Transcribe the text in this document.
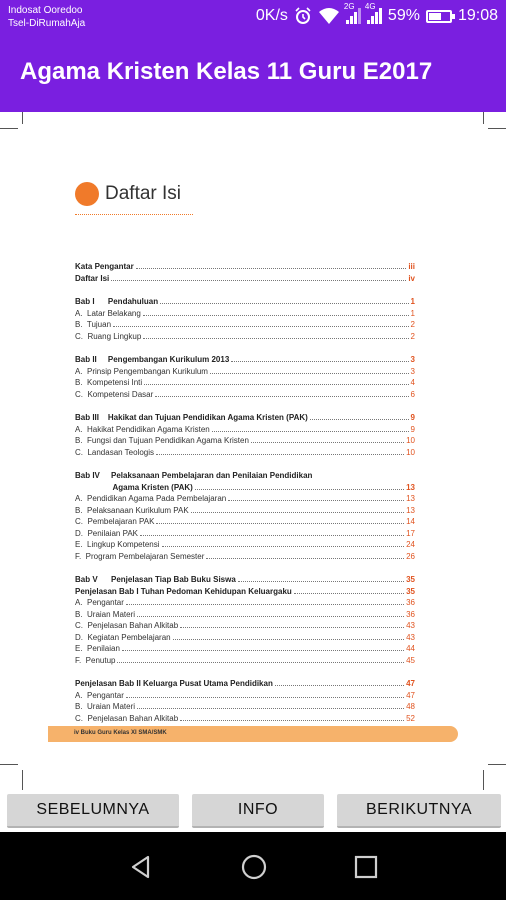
Indosat Ooredoo
Tsel-DiRumahAja	0K/s
2G 4G
59% 19:08
Agama Kristen Kelas 11 Guru E2017
Daftar Isi
Kata Pengantar	iii
Daftar Isi	iv
Bab I      Pendahuluan	1
A.  Latar Belakang	1
B.  Tujuan	2
C.  Ruang Lingkup	2
Bab II     Pengembangan Kurikulum 2013	3
A.  Prinsip Pengembangan Kurikulum	3
B.  Kompetensi Inti	4
C.  Kompetensi Dasar	6
Bab III    Hakikat dan Tujuan Pendidikan Agama Kristen (PAK)	9
A.  Hakikat Pendidikan Agama Kristen	9
B.  Fungsi dan Tujuan Pendidikan Agama Kristen	10
C.  Landasan Teologis	10
Bab IV     Pelaksanaan Pembelajaran dan Penilaian Pendidikan
Agama Kristen (PAK)	13
A.  Pendidikan Agama Pada Pembelajaran	13
B.  Pelaksanaan Kurikulum PAK	13
C.  Pembelajaran PAK	14
D.  Penilaian PAK	17
E.  Lingkup Kompetensi	24
F.  Program Pembelajaran Semester	26
Bab V      Penjelasan Tiap Bab Buku Siswa	35
Penjelasan Bab I Tuhan Pedoman Kehidupan Keluargaku	35
A.  Pengantar	36
B.  Uraian Materi	36
C.  Penjelasan Bahan Alkitab	43
D.  Kegiatan Pembelajaran	43
E.  Penilaian	44
F.  Penutup	45
Penjelasan Bab II Keluarga Pusat Utama Pendidikan	47
A.  Pengantar	47
B.  Uraian Materi	48
C.  Penjelasan Bahan Alkitab	52
iv Buku Guru Kelas XI SMA/SMK
SEBELUMNYA	INFO	BERIKUTNYA
